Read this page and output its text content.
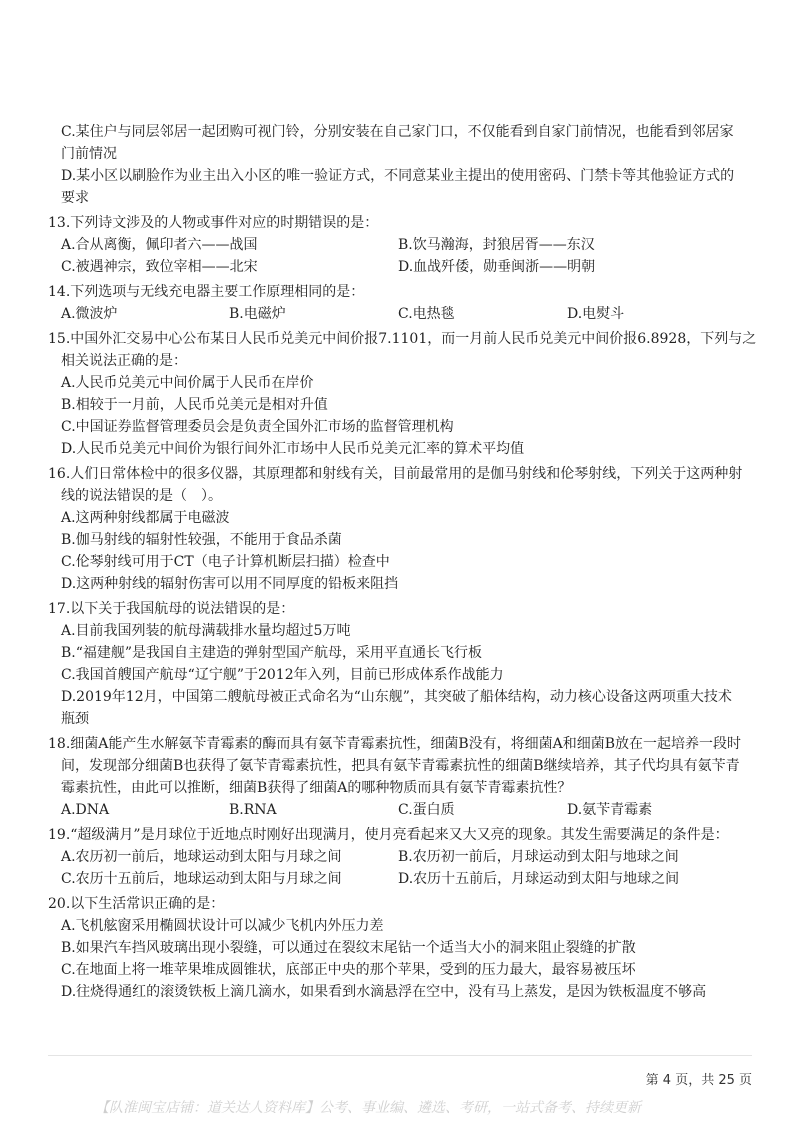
C.某住户与同层邻居一起团购可视门铃，分别安装在自己家门口，不仅能看到自家门前情况，也能看到邻居家
门前情况
D.某小区以刷脸作为业主出入小区的唯一验证方式，不同意某业主提出的使用密码、门禁卡等其他验证方式的
要求
13.下列诗文涉及的人物或事件对应的时期错误的是：
A.合从离衡，佩印者六——战国	B.饮马瀚海，封狼居胥——东汉
C.被遇神宗，致位宰相——北宋	D.血战歼倭，勋垂闽浙——明朝
14.下列选项与无线充电器主要工作原理相同的是：
A.微波炉	B.电磁炉	C.电热毯	D.电熨斗
15.中国外汇交易中心公布某日人民币兑美元中间价报7.1101，而一月前人民币兑美元中间价报6.8928，下列与之
相关说法正确的是：
A.人民币兑美元中间价属于人民币在岸价
B.相较于一月前，人民币兑美元是相对升值
C.中国证券监督管理委员会是负责全国外汇市场的监督管理机构
D.人民币兑美元中间价为银行间外汇市场中人民币兑美元汇率的算术平均值
16.人们日常体检中的很多仪器，其原理都和射线有关，目前最常用的是伽马射线和伦琴射线，下列关于这两种射
线的说法错误的是（　）。
A.这两种射线都属于电磁波
B.伽马射线的辐射性较强，不能用于食品杀菌
C.伦琴射线可用于CT（电子计算机断层扫描）检查中
D.这两种射线的辐射伤害可以用不同厚度的铅板来阻挡
17.以下关于我国航母的说法错误的是：
A.目前我国列装的航母满载排水量均超过5万吨
B.“福建舰”是我国自主建造的弹射型国产航母，采用平直通长飞行板
C.我国首艘国产航母“辽宁舰”于2012年入列，目前已形成体系作战能力
D.2019年12月，中国第二艘航母被正式命名为“山东舰”，其突破了船体结构，动力核心设备这两项重大技术
瓶颈
18.细菌A能产生水解氨苄青霉素的酶而具有氨苄青霉素抗性，细菌B没有，将细菌A和细菌B放在一起培养一段时
间，发现部分细菌B也获得了氨苄青霉素抗性，把具有氨苄青霉素抗性的细菌B继续培养，其子代均具有氨苄青
霉素抗性，由此可以推断，细菌B获得了细菌A的哪种物质而具有氨苄青霉素抗性？
A.DNA	B.RNA	C.蛋白质	D.氨苄青霉素
19.“超级满月”是月球位于近地点时刚好出现满月，使月亮看起来又大又亮的现象。其发生需要满足的条件是：
A.农历初一前后，地球运动到太阳与月球之间	B.农历初一前后，月球运动到太阳与地球之间
C.农历十五前后，地球运动到太阳与月球之间	D.农历十五前后，月球运动到太阳与地球之间
20.以下生活常识正确的是：
A.飞机舷窗采用椭圆状设计可以减少飞机内外压力差
B.如果汽车挡风玻璃出现小裂缝，可以通过在裂纹末尾钻一个适当大小的洞来阻止裂缝的扩散
C.在地面上将一堆苹果堆成圆锥状，底部正中央的那个苹果，受到的压力最大，最容易被压坏
D.往烧得通红的滚烫铁板上滴几滴水，如果看到水滴悬浮在空中，没有马上蒸发，是因为铁板温度不够高
第 4 页，共 25 页
【队淮闽宝店铺：道关达人资料库】公考、事业编、遴选、考研，一站式备考、持续更新
